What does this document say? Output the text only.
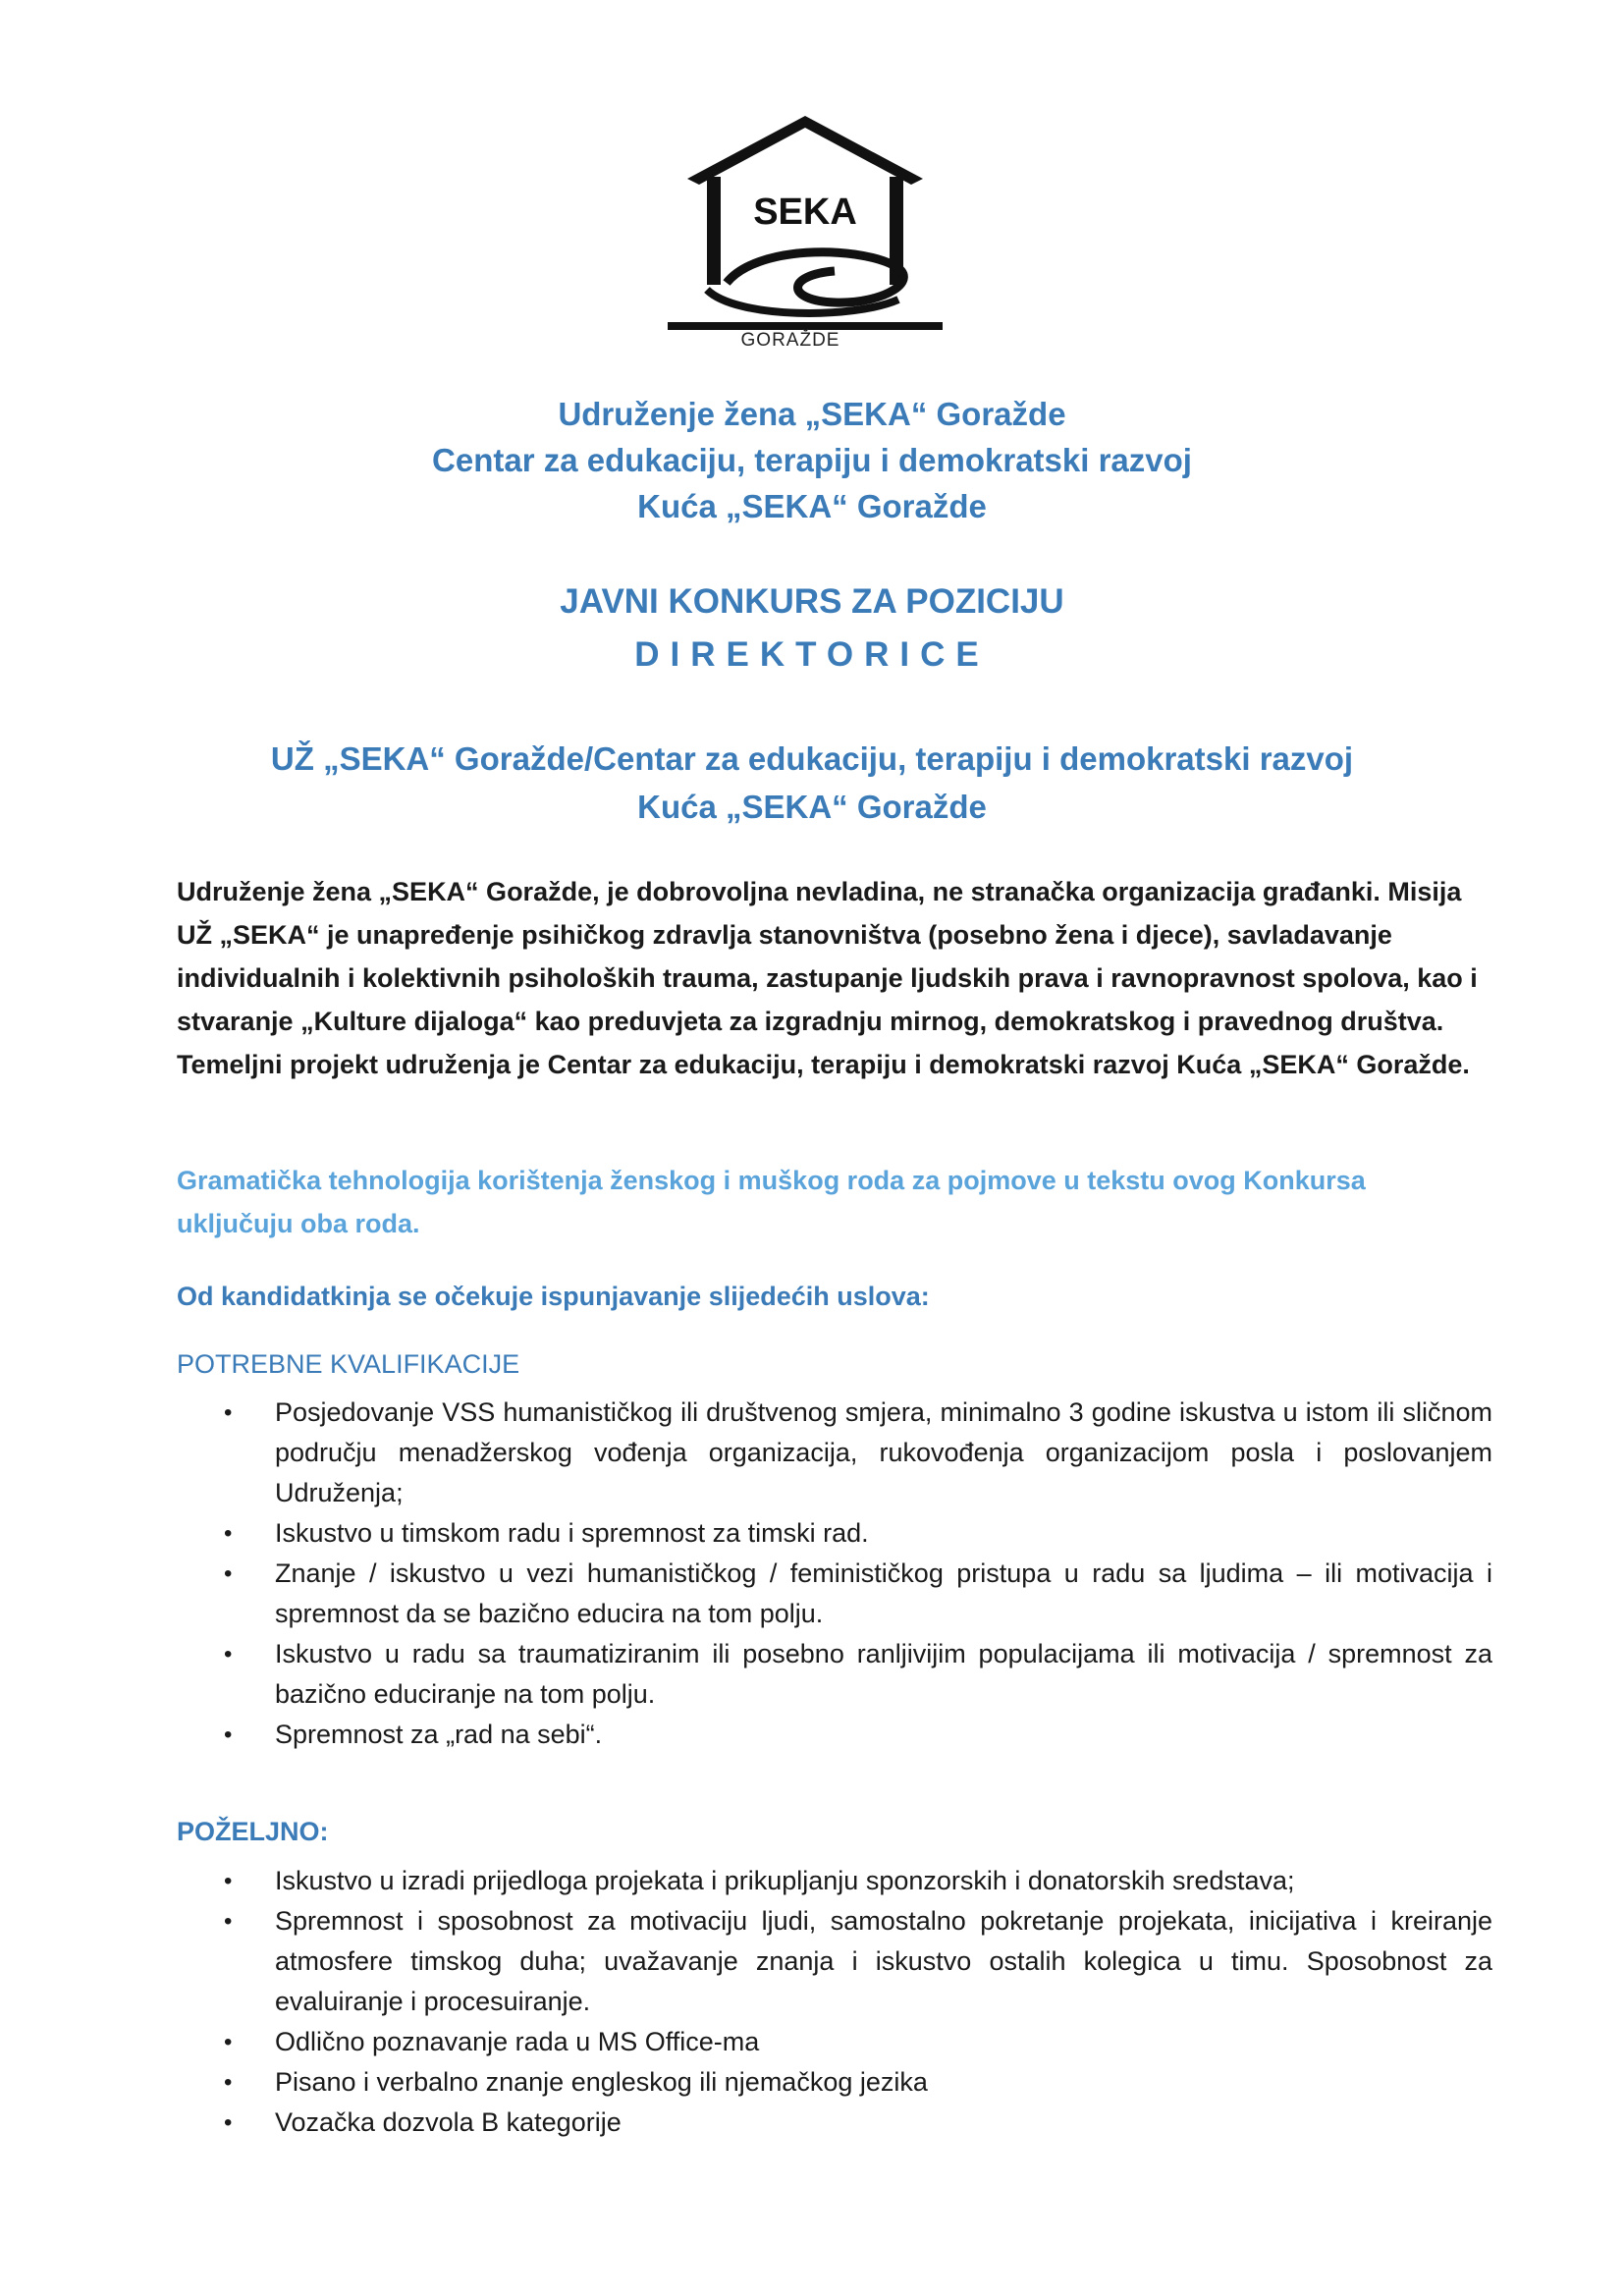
SEKA
GORAŽDE
Udruženje žena „SEKA“ Goražde
Centar za edukaciju, terapiju i demokratski razvoj
Kuća „SEKA“ Goražde
JAVNI KONKURS ZA POZICIJU
DIREKTORICE
UŽ „SEKA“ Goražde/Centar za edukaciju, terapiju i demokratski razvoj
Kuća „SEKA“ Goražde
Udruženje žena „SEKA“ Goražde, je dobrovoljna nevladina, ne stranačka organizacija građanki. Misija UŽ „SEKA“ je unapređenje psihičkog zdravlja stanovništva (posebno žena i djece), savladavanje individualnih i kolektivnih psiholoških trauma, zastupanje ljudskih prava i ravnopravnost spolova, kao i stvaranje „Kulture dijaloga“ kao preduvjeta za izgradnju mirnog, demokratskog i pravednog društva. Temeljni projekt udruženja je Centar za edukaciju, terapiju i demokratski razvoj Kuća „SEKA“ Goražde.
Gramatička tehnologija korištenja ženskog i muškog roda za pojmove u tekstu ovog Konkursa uključuju oba roda.
Od kandidatkinja se očekuje ispunjavanje slijedećih uslova:
POTREBNE KVALIFIKACIJE
• Posjedovanje VSS humanističkog ili društvenog smjera, minimalno 3 godine iskustva u istom ili sličnom području menadžerskog vođenja organizacija, rukovođenja organizacijom posla i poslovanjem Udruženja;
• Iskustvo u timskom radu i spremnost za timski rad.
• Znanje / iskustvo u vezi humanističkog / feminističkog pristupa u radu sa ljudima – ili motivacija i spremnost da se bazično educira na tom polju.
• Iskustvo u radu sa traumatiziranim ili posebno ranljivijim populacijama ili motivacija / spremnost za bazično educiranje na tom polju.
• Spremnost za „rad na sebi“.
POŽELJNO:
• Iskustvo u izradi prijedloga projekata i prikupljanju sponzorskih i donatorskih sredstava;
• Spremnost i sposobnost za motivaciju ljudi, samostalno pokretanje projekata, inicijativa i kreiranje atmosfere timskog duha; uvažavanje znanja i iskustvo ostalih kolegica u timu. Sposobnost za evaluiranje i procesuiranje.
• Odlično poznavanje rada u MS Office-ma
• Pisano i verbalno znanje engleskog ili njemačkog jezika
• Vozačka dozvola B kategorije
